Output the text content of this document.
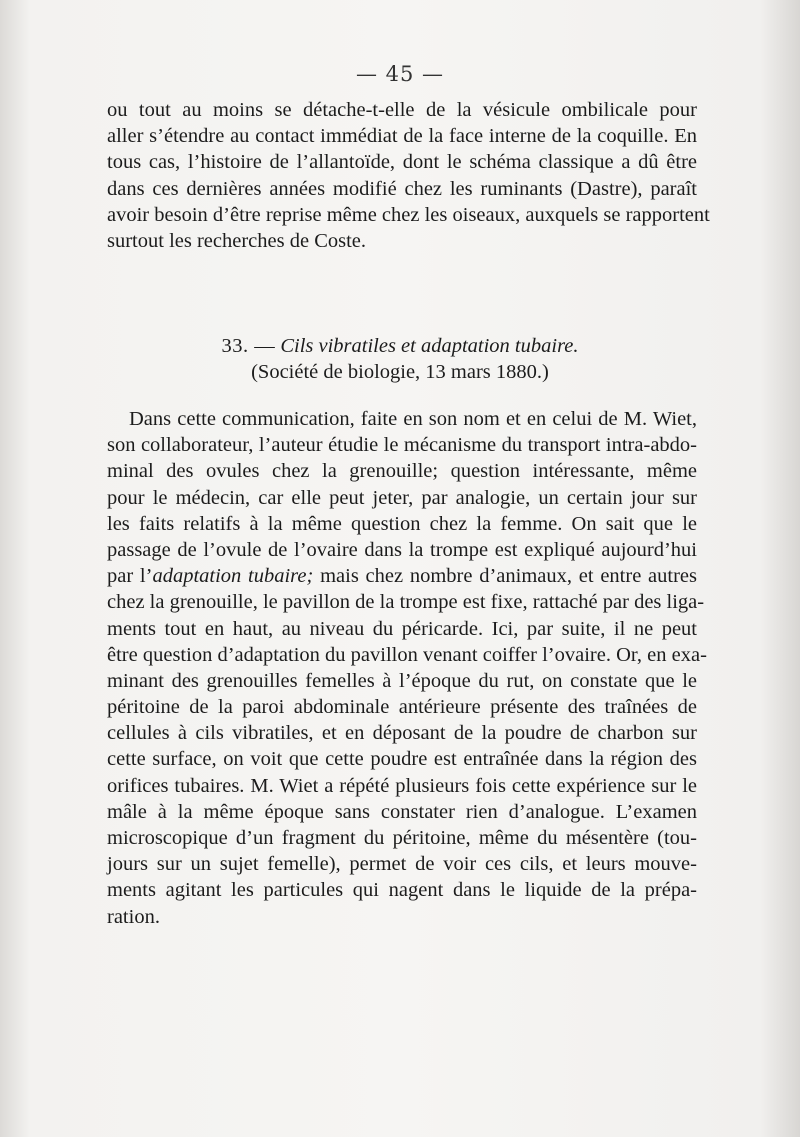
— 45 —
ou tout au moins se détache-t-elle de la vésicule ombilicale pour
aller s’étendre au contact immédiat de la face interne de la coquille. En
tous cas, l’histoire de l’allantoïde, dont le schéma classique a dû être
dans ces dernières années modifié chez les ruminants (Dastre), paraît
avoir besoin d’être reprise même chez les oiseaux, auxquels se rapportent
surtout les recherches de Coste.
33. — Cils vibratiles et adaptation tubaire.
(Société de biologie, 13 mars 1880.)
Dans cette communication, faite en son nom et en celui de M. Wiet,
son collaborateur, l’auteur étudie le mécanisme du transport intra-abdo-
minal des ovules chez la grenouille; question intéressante, même
pour le médecin, car elle peut jeter, par analogie, un certain jour sur
les faits relatifs à la même question chez la femme. On sait que le
passage de l’ovule de l’ovaire dans la trompe est expliqué aujourd’hui
par l’adaptation tubaire; mais chez nombre d’animaux, et entre autres
chez la grenouille, le pavillon de la trompe est fixe, rattaché par des liga-
ments tout en haut, au niveau du péricarde. Ici, par suite, il ne peut
être question d’adaptation du pavillon venant coiffer l’ovaire. Or, en exa-
minant des grenouilles femelles à l’époque du rut, on constate que le
péritoine de la paroi abdominale antérieure présente des traînées de
cellules à cils vibratiles, et en déposant de la poudre de charbon sur
cette surface, on voit que cette poudre est entraînée dans la région des
orifices tubaires. M. Wiet a répété plusieurs fois cette expérience sur le
mâle à la même époque sans constater rien d’analogue. L’examen
microscopique d’un fragment du péritoine, même du mésentère (tou-
jours sur un sujet femelle), permet de voir ces cils, et leurs mouve-
ments agitant les particules qui nagent dans le liquide de la prépa-
ration.
